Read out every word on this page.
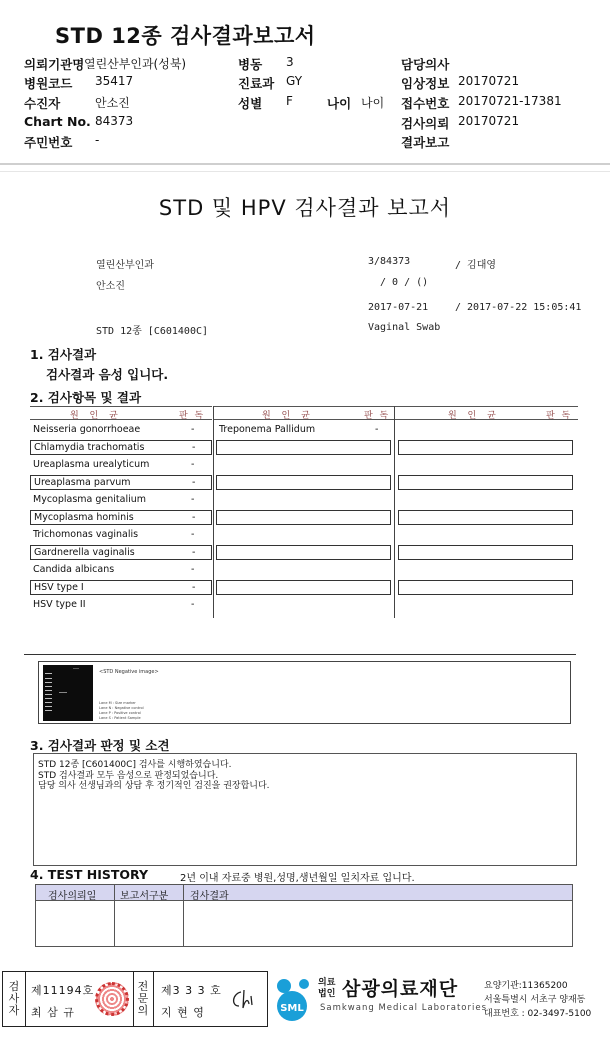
STD 12종 검사결과보고서
의뢰기관명 열린산부인과(성북)	병동 3	담당의사
병원코드 35417	진료과 GY	임상정보 20170721
수진자	안소진	성별 F	나이 나이 접수번호 20170721-17381
Chart No. 84373	검사의뢰 20170721
주민번호 -	결과보고
STD 및 HPV 검사결과 보고서
열린산부인과	3/84373	/ 김대영
안소진	/ 0 / ()
2017-07-21	/ 2017-07-22 15:05:41
STD 12종 [C601400C]	Vaginal Swab
1. 검사결과
검사결과 음성 입니다.
2. 검사항목 및 결과
원 인 균	판 독
Neisseria gonorrhoeae	-
Chlamydia trachomatis	-
Ureaplasma urealyticum	-
Ureaplasma parvum	-
Mycoplasma genitalium	-
Mycoplasma hominis	-
Trichomonas vaginalis	-
Gardnerella vaginalis	-
Candida albicans	-
HSV type I	-
HSV type II	-
원 인 균	판 독
Treponema Pallidum	-
원 인 균	판 독
<STD Negative image>
Lane M : Size marker
Lane N : Negative control
Lane P : Positive control
Lane S : Patient Sample
3. 검사결과 판정 및 소견
STD 12종 [C601400C] 검사를 시행하였습니다.
STD 검사결과 모두 음성으로 판정되었습니다.
담당 의사 선생님과의 상담 후 정기적인 검진을 권장합니다.
4. TEST HISTORY	2년 이내 자료중 병원,성명,생년월일 일치자료 입니다.
검사의뢰일 보고서구분 검사결과
검사자
제11194호
최 삼 규
전문의
제3 3 3 호
지 현 영	SML
의료법인 삼광의료재단
Samkwang Medical Laboratories
요양기관:11365200
서울특별시 서초구 양재동
대표번호 : 02-3497-5100
